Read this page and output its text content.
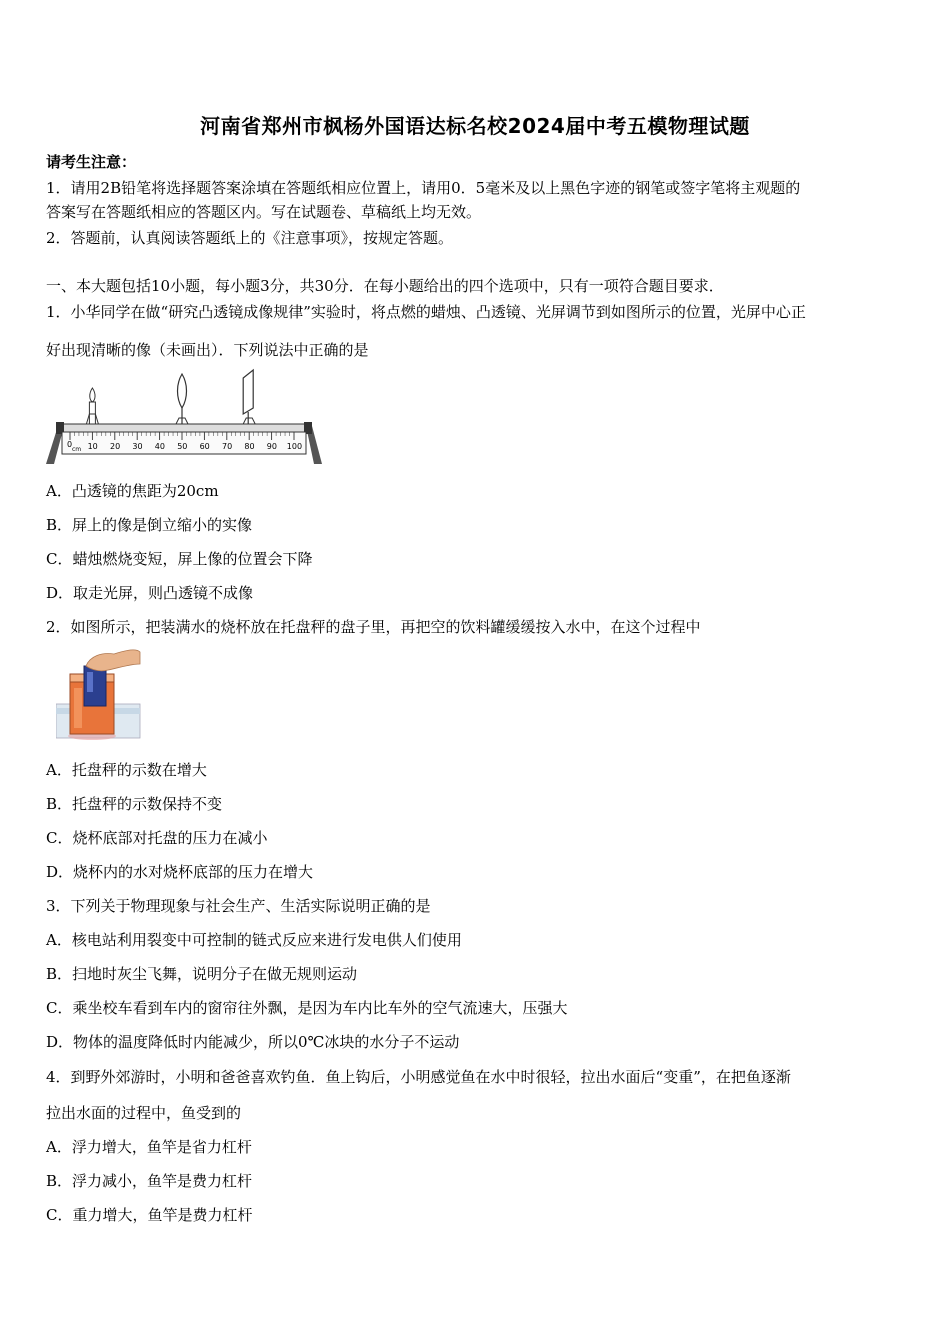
河南省郑州市枫杨外国语达标名校2024届中考五模物理试题
请考生注意：
1．请用2B铅笔将选择题答案涂填在答题纸相应位置上，请用0．5毫米及以上黑色字迹的钢笔或签字笔将主观题的
答案写在答题纸相应的答题区内。写在试题卷、草稿纸上均无效。
2．答题前，认真阅读答题纸上的《注意事项》，按规定答题。
一、本大题包括10小题，每小题3分，共30分．在每小题给出的四个选项中，只有一项符合题目要求．
1．小华同学在做“研究凸透镜成像规律”实验时，将点燃的蜡烛、凸透镜、光屏调节到如图所示的位置，光屏中心正
好出现清晰的像（未画出）．下列说法中正确的是
10 20 30 40 50 60 70 80 90 100
0
cm
A．凸透镜的焦距为20cm
B．屏上的像是倒立缩小的实像
C．蜡烛燃烧变短，屏上像的位置会下降
D．取走光屏，则凸透镜不成像
2．如图所示，把装满水的烧杯放在托盘秤的盘子里，再把空的饮料罐缓缓按入水中，在这个过程中
A．托盘秤的示数在增大
B．托盘秤的示数保持不变
C．烧杯底部对托盘的压力在减小
D．烧杯内的水对烧杯底部的压力在增大
3．下列关于物理现象与社会生产、生活实际说明正确的是
A．核电站利用裂变中可控制的链式反应来进行发电供人们使用
B．扫地时灰尘飞舞，说明分子在做无规则运动
C．乘坐校车看到车内的窗帘往外飘，是因为车内比车外的空气流速大，压强大
D．物体的温度降低时内能减少，所以0℃冰块的水分子不运动
4．到野外郊游时，小明和爸爸喜欢钓鱼．鱼上钩后，小明感觉鱼在水中时很轻，拉出水面后“变重”，在把鱼逐渐
拉出水面的过程中，鱼受到的
A．浮力增大，鱼竿是省力杠杆
B．浮力减小，鱼竿是费力杠杆
C．重力增大，鱼竿是费力杠杆
